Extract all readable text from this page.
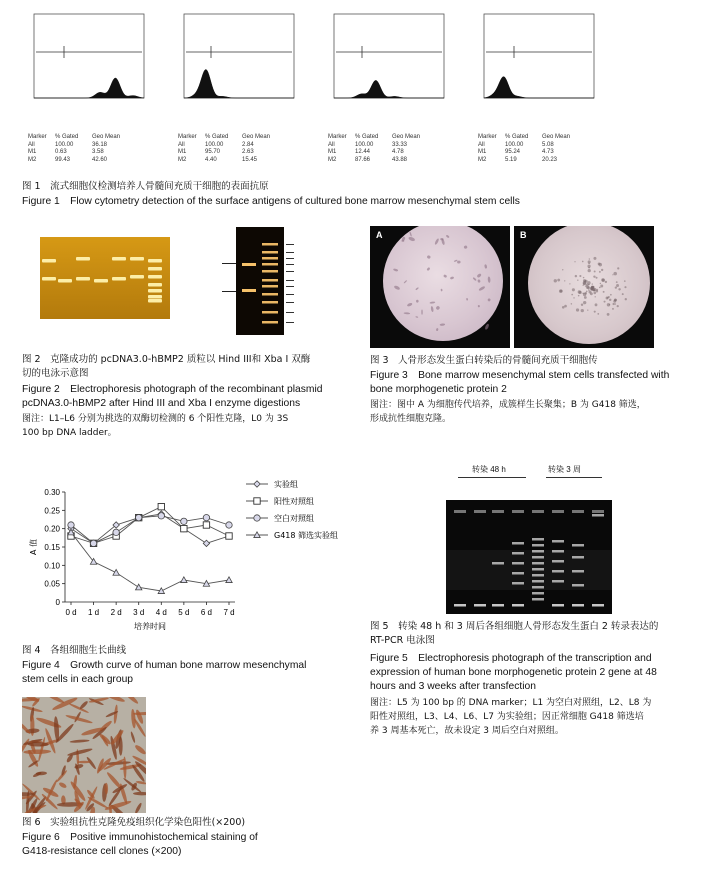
图 1　流式细胞仪检测培养人骨髓间充质干细胞的表面抗原
Figure 1　Flow cytometry detection of the surface antigens of cultured bone marrow mesenchymal stem cells
Marker	% Gated	Geo Mean
All	100.00	36.18
M1	0.63	3.58
M2	99.43	42.60
Marker	% Gated	Geo Mean
All	100.00	2.84
M1	95.70	2.63
M2	4.40	15.45
Marker	% Gated	Geo Mean
All	100.00	33.33
M1	12.44	4.78
M2	87.66	43.88
Marker	% Gated	Geo Mean
All	100.00	5.08
M1	95.24	4.73
M2	5.19	20.23
图 2　克隆成功的 pcDNA3.0-hBMP2 质粒以 Hind III和 Xba I 双酶
切的电泳示意图
Figure 2　Electrophoresis photograph of the recombinant plasmid
pcDNA3.0-hBMP2 after Hind III and Xba I enzyme digestions
图注：L1–L6 分别为挑选的双酶切检测的 6 个阳性克隆，L0 为 3S
100 bp DNA ladder。
A	B
图 3　人骨形态发生蛋白转染后的骨髓间充质干细胞传
Figure 3　Bone marrow mesenchymal stem cells transfected with
bone morphogenetic protein 2
图注：图中 A 为细胞传代培养，成簇样生长聚集；B 为 G418 筛选，
形成抗性细胞克隆。
0
0.05
0.10
0.15
0.20
0.25
0.30
0 d 1 d 2 d 3 d 4 d 5 d 6 d 7 d
培养时间
A 值
实验组
阳性对照组
空白对照组
G418 筛选实验组
图 4　各组细胞生长曲线
Figure 4　Growth curve of human bone marrow mesenchymal
stem cells in each group
转染 48 h	转染 3 周
图 5　转染 48 h 和 3 周后各组细胞人骨形态发生蛋白 2 转录表达的
RT-PCR 电泳图
Figure 5　Electrophoresis photograph of the transcription and
expression of human bone morphogenetic protein 2 gene at 48
hours and 3 weeks after transfection
图注：L5 为 100 bp 的 DNA marker；L1 为空白对照组，L2、L8 为
阳性对照组，L3、L4、L6、L7 为实验组；因正常细胞 G418 筛选培
养 3 周基本死亡，故未设定 3 周后空白对照组。
图 6　实验组抗性克隆免疫组织化学染色阳性(×200)
Figure 6　Positive immunohistochemical staining of
G418-resistance cell clones (×200)
